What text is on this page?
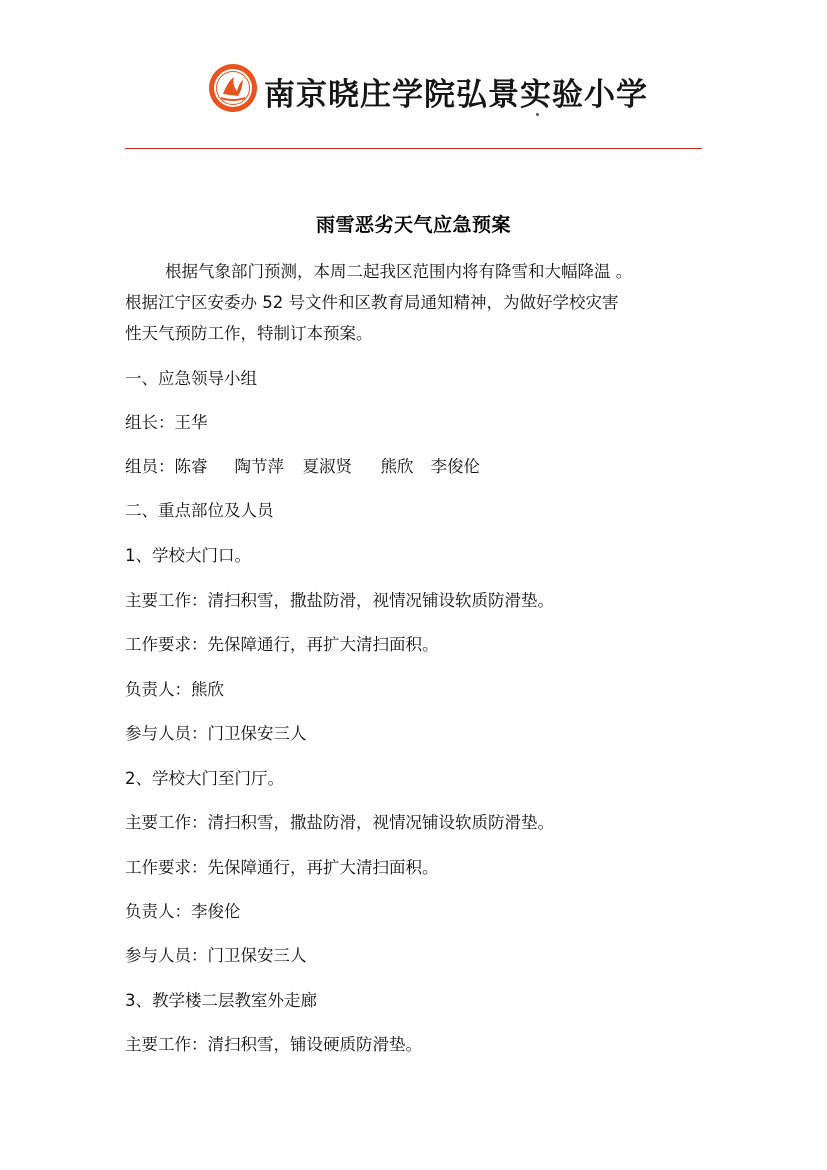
南京晓庄学院弘景实验小学
雨雪恶劣天气应急预案
根据气象部门预测，本周二起我区范围内将有降雪和大幅降温 。
根据江宁区安委办 52 号文件和区教育局通知精神，为做好学校灾害
性天气预防工作，特制订本预案。
一、应急领导小组
组长：王华
组员：陈睿 陶节萍 夏淑贤 熊欣 李俊伦
二、重点部位及人员
1、学校大门口。
主要工作：清扫积雪，撒盐防滑，视情况铺设软质防滑垫。
工作要求：先保障通行，再扩大清扫面积。
负责人：熊欣
参与人员：门卫保安三人
2、学校大门至门厅。
主要工作：清扫积雪，撒盐防滑，视情况铺设软质防滑垫。
工作要求：先保障通行，再扩大清扫面积。
负责人：李俊伦
参与人员：门卫保安三人
3、教学楼二层教室外走廊
主要工作：清扫积雪，铺设硬质防滑垫。
